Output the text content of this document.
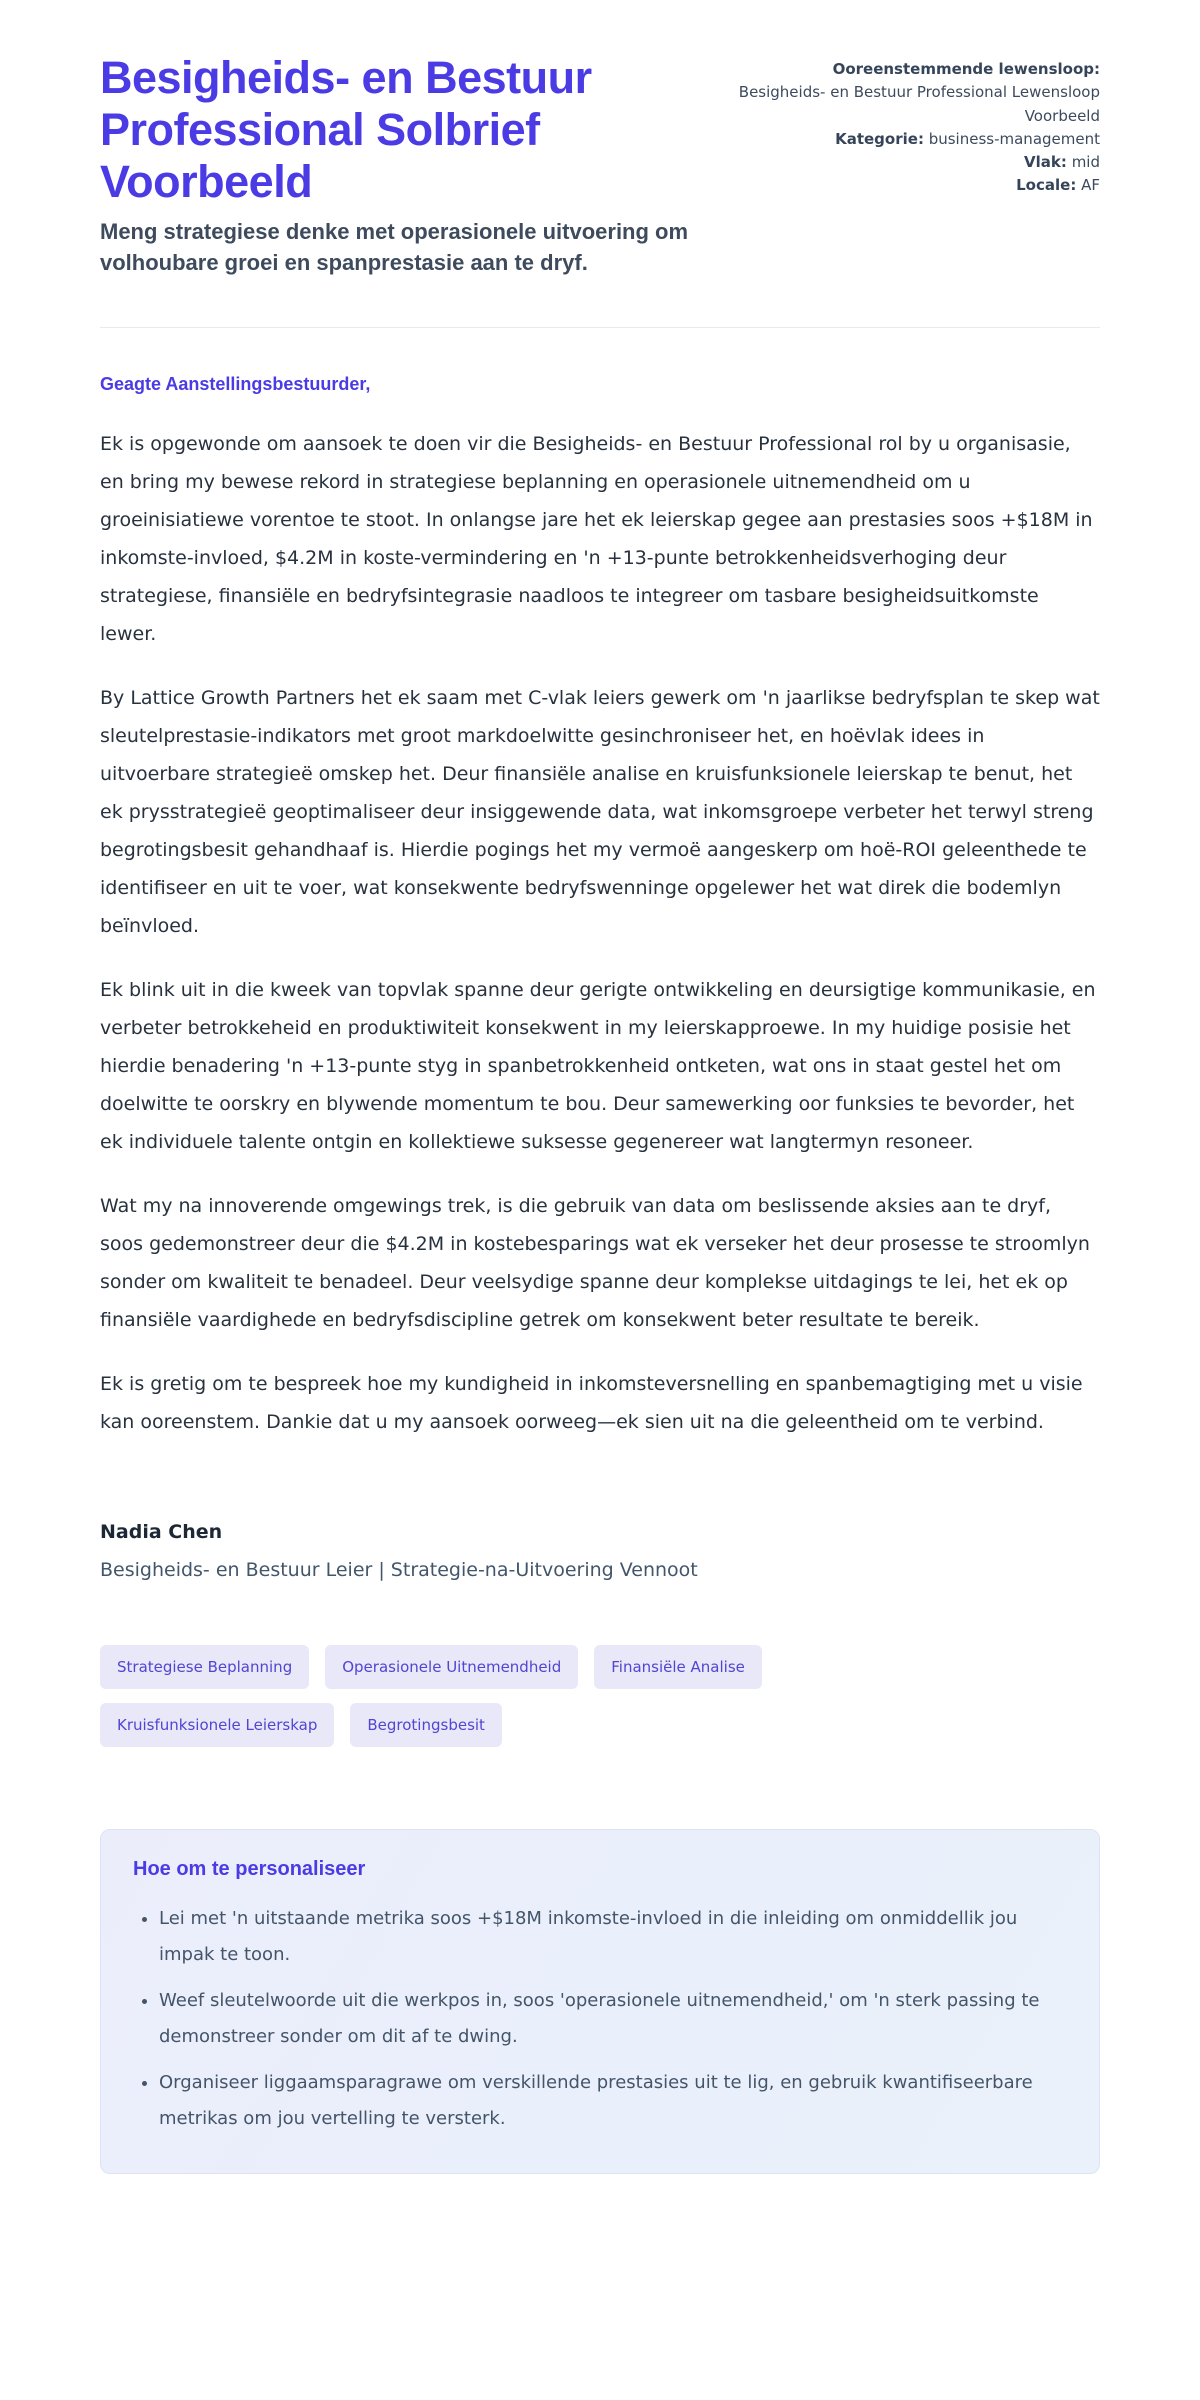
Besigheids- en Bestuur Professional Solbrief Voorbeeld
Meng strategiese denke met operasionele uitvoering om volhoubare groei en spanprestasie aan te dryf.

Ooreenstemmende lewensloop:
Besigheids- en Bestuur Professional Lewensloop Voorbeeld

Kategorie: business-management

Vlak: mid

Locale: AF

Geagte Aanstellingsbestuurder,

Ek is opgewonde om aansoek te doen vir die Besigheids- en Bestuur Professional rol by u organisasie, en bring my bewese rekord in strategiese beplanning en operasionele uitnemendheid om u groeinisiatiewe vorentoe te stoot. In onlangse jare het ek leierskap gegee aan prestasies soos +$18M in inkomste-invloed, $4.2M in koste-vermindering en 'n +13-punte betrokkenheidsverhoging deur strategiese, finansiële en bedryfsintegrasie naadloos te integreer om tasbare besigheidsuitkomste lewer.

By Lattice Growth Partners het ek saam met C-vlak leiers gewerk om 'n jaarlikse bedryfsplan te skep wat sleutelprestasie-indikators met groot markdoelwitte gesinchroniseer het, en hoëvlak idees in uitvoerbare strategieë omskep het. Deur finansiële analise en kruisfunksionele leierskap te benut, het ek prysstrategieë geoptimaliseer deur insiggewende data, wat inkomsgroepe verbeter het terwyl streng begrotingsbesit gehandhaaf is. Hierdie pogings het my vermoë aangeskerp om hoë-ROI geleenthede te identifiseer en uit te voer, wat konsekwente bedryfswenninge opgelewer het wat direk die bodemlyn beïnvloed.

Ek blink uit in die kweek van topvlak spanne deur gerigte ontwikkeling en deursigtige kommunikasie, en verbeter betrokkeheid en produktiwiteit konsekwent in my leierskapproewe. In my huidige posisie het hierdie benadering 'n +13-punte styg in spanbetrokkenheid ontketen, wat ons in staat gestel het om doelwitte te oorskry en blywende momentum te bou. Deur samewerking oor funksies te bevorder, het ek individuele talente ontgin en kollektiewe suksesse gegenereer wat langtermyn resoneer.

Wat my na innoverende omgewings trek, is die gebruik van data om beslissende aksies aan te dryf, soos gedemonstreer deur die $4.2M in kostebesparings wat ek verseker het deur prosesse te stroomlyn sonder om kwaliteit te benadeel. Deur veelsydige spanne deur komplekse uitdagings te lei, het ek op finansiële vaardighede en bedryfsdiscipline getrek om konsekwent beter resultate te bereik.

Ek is gretig om te bespreek hoe my kundigheid in inkomsteversnelling en spanbemagtiging met u visie kan ooreenstem. Dankie dat u my aansoek oorweeg—ek sien uit na die geleentheid om te verbind.

Nadia Chen
Besigheids- en Bestuur Leier | Strategie-na-Uitvoering Vennoot
Strategiese Beplanning	Operasionele Uitnemendheid	Finansiële Analise
Kruisfunksionele Leierskap	Begrotingsbesit
Hoe om te personaliseer
• Lei met 'n uitstaande metrika soos +$18M inkomste-invloed in die inleiding om onmiddellik jou impak te toon.
• Weef sleutelwoorde uit die werkpos in, soos 'operasionele uitnemendheid,' om 'n sterk passing te demonstreer sonder om dit af te dwing.
• Organiseer liggaamsparagrawe om verskillende prestasies uit te lig, en gebruik kwantifiseerbare metrikas om jou vertelling te versterk.
